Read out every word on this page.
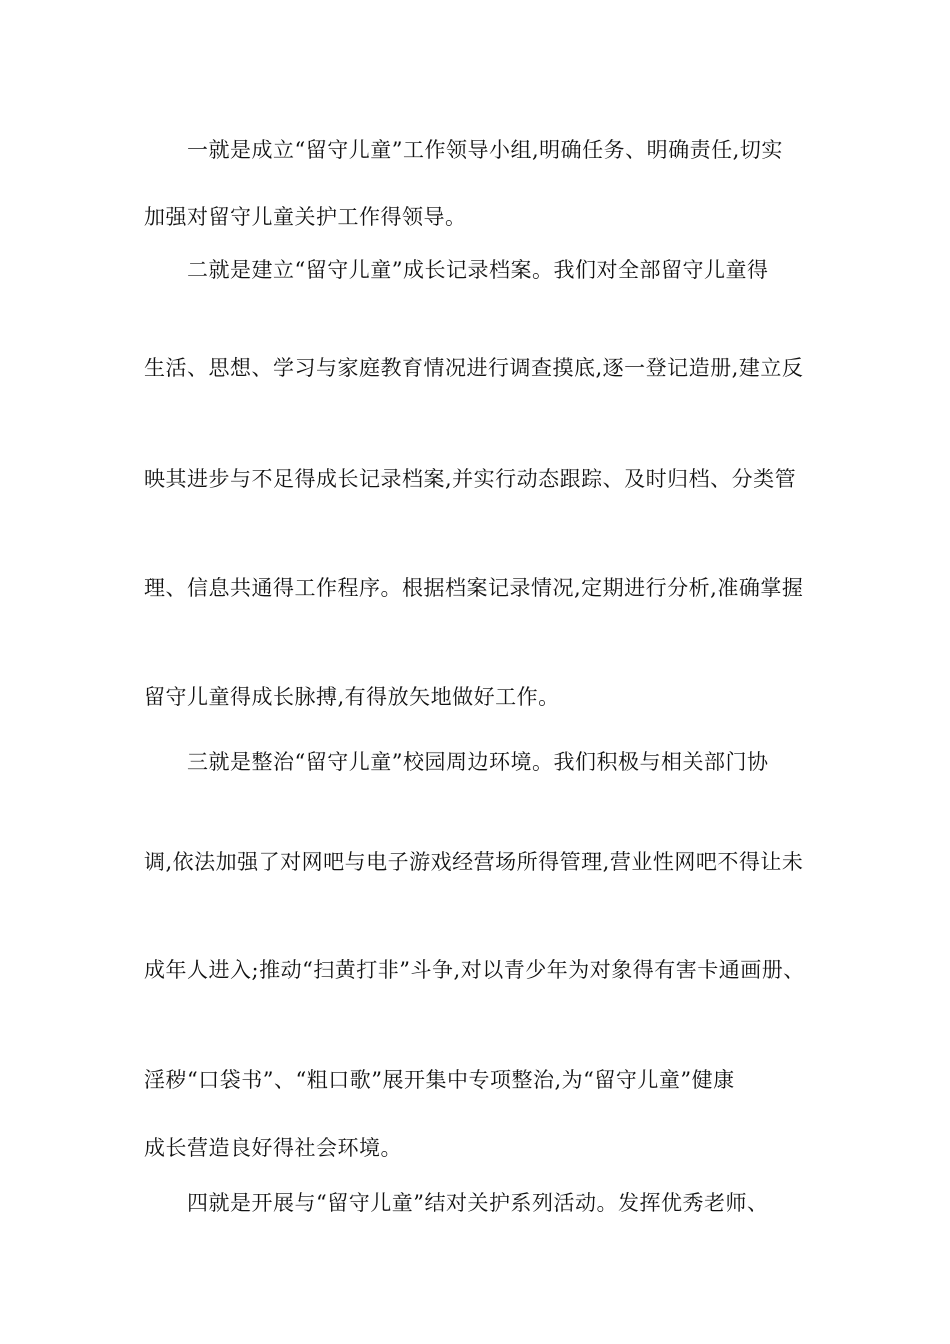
一就是成立“留守儿童”工作领导小组,明确任务、明确责任,切实
加强对留守儿童关护工作得领导。
二就是建立“留守儿童”成长记录档案。我们对全部留守儿童得
生活、思想、学习与家庭教育情况进行调查摸底,逐一登记造册,建立反
映其进步与不足得成长记录档案,并实行动态跟踪、及时归档、分类管
理、信息共通得工作程序。根据档案记录情况,定期进行分析,准确掌握
留守儿童得成长脉搏,有得放矢地做好工作。
三就是整治“留守儿童”校园周边环境。我们积极与相关部门协
调,依法加强了对网吧与电子游戏经营场所得管理,营业性网吧不得让未
成年人进入;推动“扫黄打非”斗争,对以青少年为对象得有害卡通画册、
淫秽“口袋书”、“粗口歌”展开集中专项整治,为“留守儿童”健康
成长营造良好得社会环境。
四就是开展与“留守儿童”结对关护系列活动。发挥优秀老师、
